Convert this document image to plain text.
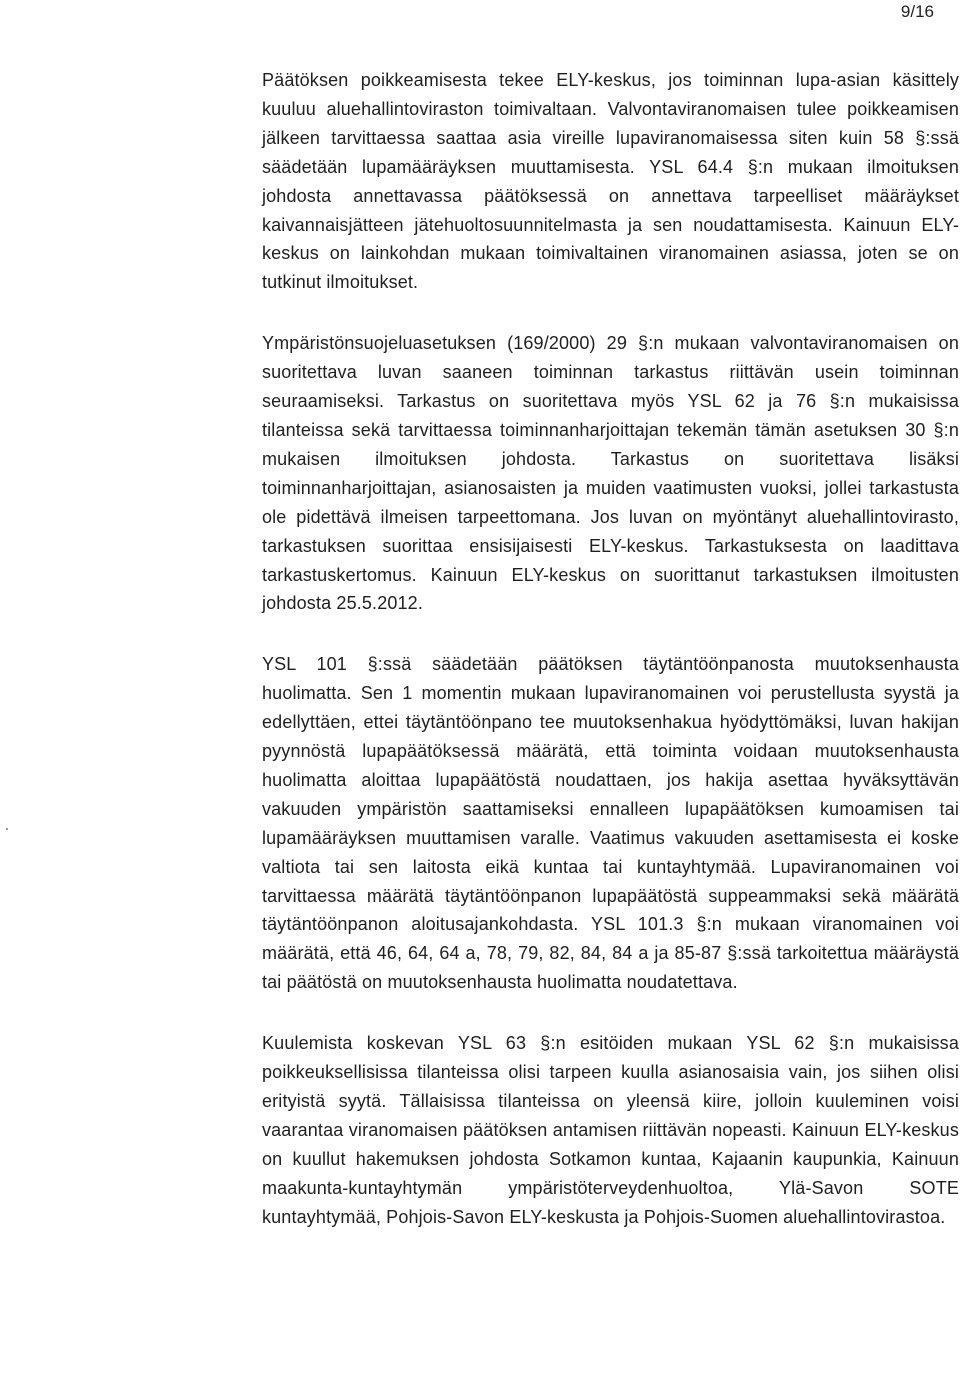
9/16

Päätöksen poikkeamisesta tekee ELY-keskus, jos toiminnan lupa-asian käsittely kuuluu aluehallintoviraston toimivaltaan. Valvontaviranomaisen tulee poikkeamisen jälkeen tarvittaessa saattaa asia vireille lupaviranomaisessa siten kuin 58 §:ssä säädetään lupamääräyksen muuttamisesta. YSL 64.4 §:n mukaan ilmoituksen johdosta annettavassa päätöksessä on annettava tarpeelliset määräykset kaivannaisjätteen jätehuoltosuunnitelmasta ja sen noudattamisesta. Kainuun ELY-keskus on lainkohdan mukaan toimivaltainen viranomainen asiassa, joten se on tutkinut ilmoitukset.

Ympäristönsuojeluasetuksen (169/2000) 29 §:n mukaan valvontaviranomaisen on suoritettava luvan saaneen toiminnan tarkastus riittävän usein toiminnan seuraamiseksi. Tarkastus on suoritettava myös YSL 62 ja 76 §:n mukaisissa tilanteissa sekä tarvittaessa toiminnanharjoittajan tekemän tämän asetuksen 30 §:n mukaisen ilmoituksen johdosta. Tarkastus on suoritettava lisäksi toiminnanharjoittajan, asianosaisten ja muiden vaatimusten vuoksi, jollei tarkastusta ole pidettävä ilmeisen tarpeettomana. Jos luvan on myöntänyt aluehallintovirasto, tarkastuksen suorittaa ensisijaisesti ELY-keskus. Tarkastuksesta on laadittava tarkastuskertomus. Kainuun ELY-keskus on suorittanut tarkastuksen ilmoitusten johdosta 25.5.2012.

YSL 101 §:ssä säädetään päätöksen täytäntöönpanosta muutoksenhausta huolimatta. Sen 1 momentin mukaan lupaviranomainen voi perustellusta syystä ja edellyttäen, ettei täytäntöönpano tee muutoksenhakua hyödyttömäksi, luvan hakijan pyynnöstä lupapäätöksessä määrätä, että toiminta voidaan muutoksenhausta huolimatta aloittaa lupapäätöstä noudattaen, jos hakija asettaa hyväksyttävän vakuuden ympäristön saattamiseksi ennalleen lupapäätöksen kumoamisen tai lupamääräyksen muuttamisen varalle. Vaatimus vakuuden asettamisesta ei koske valtiota tai sen laitosta eikä kuntaa tai kuntayhtymää. Lupaviranomainen voi tarvittaessa määrätä täytäntöönpanon lupapäätöstä suppeammaksi sekä määrätä täytäntöönpanon aloitusajankohdasta. YSL 101.3 §:n mukaan viranomainen voi määrätä, että 46, 64, 64 a, 78, 79, 82, 84, 84 a ja 85-87 §:ssä tarkoitettua määräystä tai päätöstä on muutoksenhausta huolimatta noudatettava.

Kuulemista koskevan YSL 63 §:n esitöiden mukaan YSL 62 §:n mukaisissa poikkeuksellisissa tilanteissa olisi tarpeen kuulla asianosaisia vain, jos siihen olisi erityistä syytä. Tällaisissa tilanteissa on yleensä kiire, jolloin kuuleminen voisi vaarantaa viranomaisen päätöksen antamisen riittävän nopeasti. Kainuun ELY-keskus on kuullut hakemuksen johdosta Sotkamon kuntaa, Kajaanin kaupunkia, Kainuun maakunta-kuntayhtymän ympäristöterveydenhuoltoa, Ylä-Savon SOTE kuntayhtymää, Pohjois-Savon ELY-keskusta ja Pohjois-Suomen aluehallintovirastoa.
